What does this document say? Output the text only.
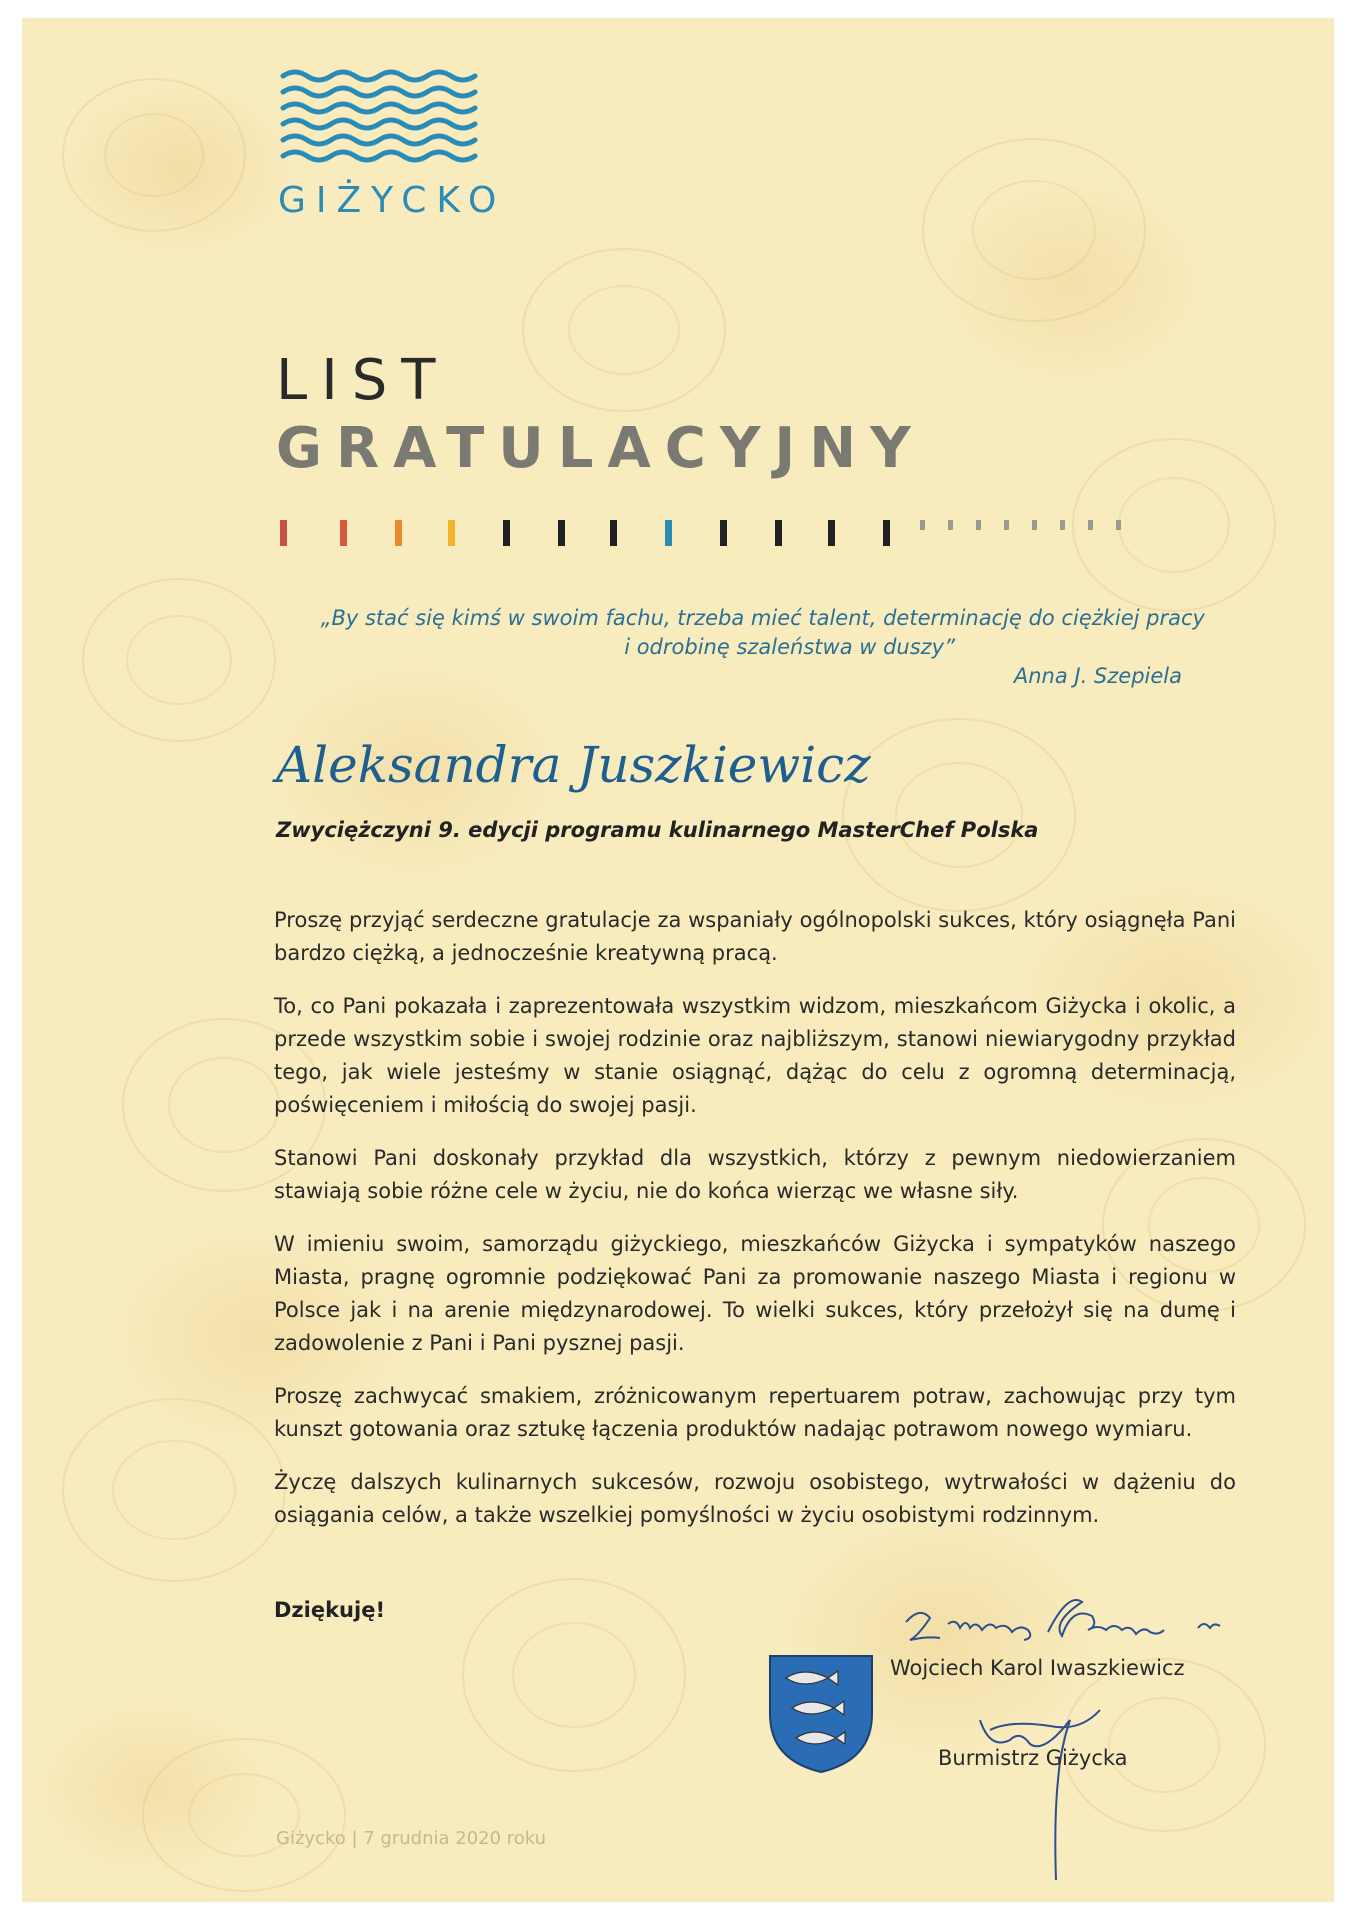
GIŻYCKO
LIST
GRATULACYJNY
„By stać się kimś w swoim fachu, trzeba mieć talent, determinację do ciężkiej pracy
i odrobinę szaleństwa w duszy”
Anna J. Szepiela
Aleksandra Juszkiewicz
Zwyciężczyni 9. edycji programu kulinarnego MasterChef Polska

Proszę przyjąć serdeczne gratulacje za wspaniały ogólnopolski sukces, który osiągnęła Pani bardzo ciężką, a jednocześnie kreatywną pracą.

To, co Pani pokazała i zaprezentowała wszystkim widzom, mieszkańcom Giżycka i okolic, a przede wszystkim sobie i swojej rodzinie oraz najbliższym, stanowi niewiarygodny przykład tego, jak wiele jesteśmy w stanie osiągnąć, dążąc do celu z ogromną determinacją, poświęceniem i miłością do swojej pasji.

Stanowi Pani doskonały przykład dla wszystkich, którzy z pewnym niedowierzaniem stawiają sobie różne cele w życiu, nie do końca wierząc we własne siły.

W imieniu swoim, samorządu giżyckiego, mieszkańców Giżycka i sympatyków naszego Miasta, pragnę ogromnie podziękować Pani za promowanie naszego Miasta i regionu w Polsce jak i na arenie międzynarodowej. To wielki sukces, który przełożył się na dumę i zadowolenie z Pani i Pani pysznej pasji.

Proszę zachwycać smakiem, zróżnicowanym repertuarem potraw, zachowując przy tym kunszt gotowania oraz sztukę łączenia produktów nadając potrawom nowego wymiaru.

Życzę dalszych kulinarnych sukcesów, rozwoju osobistego, wytrwałości w dążeniu do osiągania celów, a także wszelkiej pomyślności w życiu osobistymi rodzinnym.

Dziękuję!
Wojciech Karol Iwaszkiewicz
Burmistrz Giżycka
Giżycko | 7 grudnia 2020 roku
